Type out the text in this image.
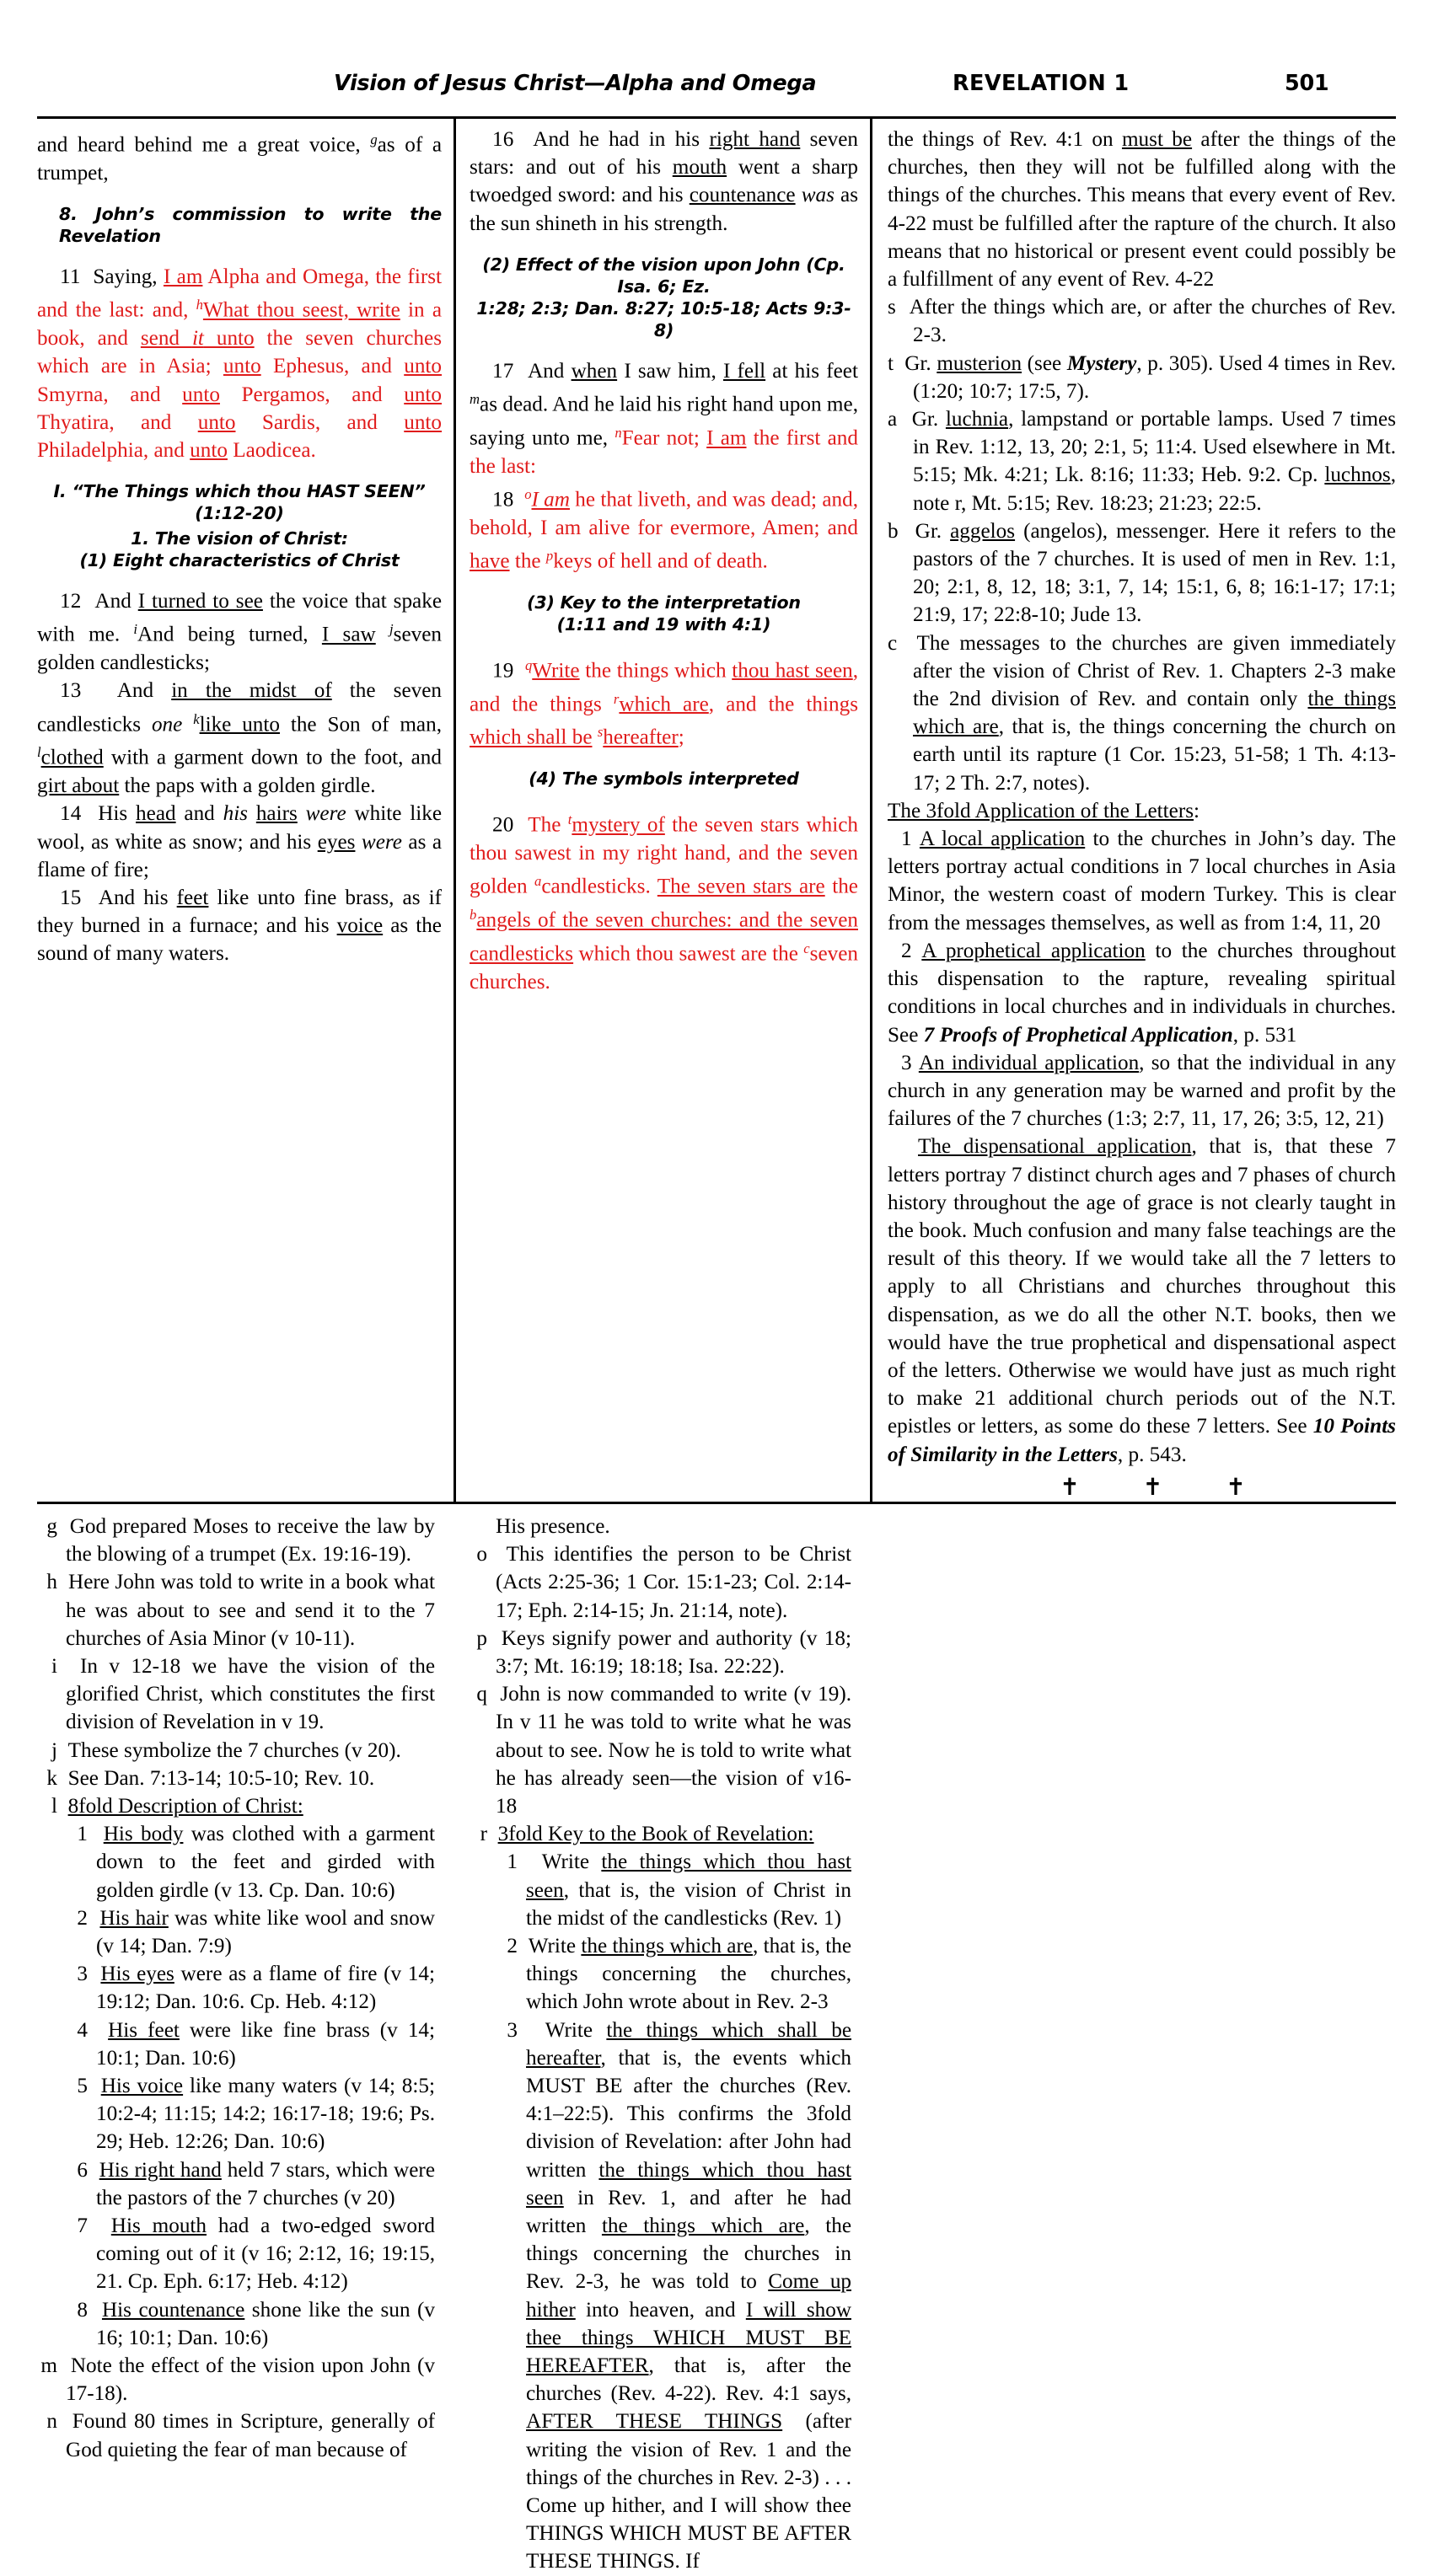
Vision of Jesus Christ—Alpha and Omega	REVELATION 1	501

and heard behind me a great voice, $^g$as of a trumpet,

8. John’s commission to write the Revelation

11 Saying, I am Alpha and Omega, the first and the last: and, $^h$What thou seest, write in a book, and send it unto the seven churches which are in Asia; unto Ephesus, and unto Smyrna, and unto Pergamos, and unto Thyatira, and unto Sardis, and unto Philadelphia, and unto Laodicea.

I. “The Things which thou HAST SEEN” (1:12-20)
1. The vision of Christ:
(1) Eight characteristics of Christ

12 And I turned to see the voice that spake with me. $^i$And being turned, I saw $^j$seven golden candlesticks;

13 And in the midst of the seven candlesticks one $^k$like unto the Son of man, $^l$clothed with a garment down to the foot, and girt about the paps with a golden girdle.

14 His head and his hairs were white like wool, as white as snow; and his eyes were as a flame of fire;

15 And his feet like unto fine brass, as if they burned in a furnace; and his voice as the sound of many waters.

16 And he had in his right hand seven stars: and out of his mouth went a sharp twoedged sword: and his countenance was as the sun shineth in his strength.

(2) Effect of the vision upon John (Cp. Isa. 6; Ez.
1:28; 2:3; Dan. 8:27; 10:5-18; Acts 9:3-8)

17 And when I saw him, I fell at his feet $^m$as dead. And he laid his right hand upon me, saying unto me, $^n$Fear not; I am the first and the last:

18 $^o$I am he that liveth, and was dead; and, behold, I am alive for evermore, Amen; and have the $^p$keys of hell and of death.

(3) Key to the interpretation
(1:11 and 19 with 4:1)

19 $^q$Write the things which thou hast seen, and the things $^r$which are, and the things which shall be $^s$hereafter;

(4) The symbols interpreted

20 The $^t$mystery of the seven stars which thou sawest in my right hand, and the seven golden $^a$candlesticks. The seven stars are the $^b$angels of the seven churches: and the seven candlesticks which thou sawest are the $^c$seven churches.

the things of Rev. 4:1 on must be after the things of the churches, then they will not be fulfilled along with the things of the churches. This means that every event of Rev. 4-22 must be fulfilled after the rapture of the church. It also means that no historical or present event could possibly be a fulfillment of any event of Rev. 4-22

s After the things which are, or after the churches of Rev. 2-3.

t Gr. musterion (see Mystery, p. 305). Used 4 times in Rev. (1:20; 10:7; 17:5, 7).

a Gr. luchnia, lampstand or portable lamps. Used 7 times in Rev. 1:12, 13, 20; 2:1, 5; 11:4. Used elsewhere in Mt. 5:15; Mk. 4:21; Lk. 8:16; 11:33; Heb. 9:2. Cp. luchnos, note r, Mt. 5:15; Rev. 18:23; 21:23; 22:5.

b Gr. aggelos (angelos), messenger. Here it refers to the pastors of the 7 churches. It is used of men in Rev. 1:1, 20; 2:1, 8, 12, 18; 3:1, 7, 14; 15:1, 6, 8; 16:1-17; 17:1; 21:9, 17; 22:8-10; Jude 13.

c The messages to the churches are given immediately after the vision of Christ of Rev. 1. Chapters 2-3 make the 2nd division of Rev. and contain only the things which are, that is, the things concerning the church on earth until its rapture (1 Cor. 15:23, 51-58; 1 Th. 4:13-17; 2 Th. 2:7, notes).

The 3fold Application of the Letters:

1 A local application to the churches in John’s day. The letters portray actual conditions in 7 local churches in Asia Minor, the western coast of modern Turkey. This is clear from the messages themselves, as well as from 1:4, 11, 20

2 A prophetical application to the churches throughout this dispensation to the rapture, revealing spiritual conditions in local churches and in individuals in churches. See 7 Proofs of Prophetical Application, p. 531

3 An individual application, so that the individual in any church in any generation may be warned and profit by the failures of the 7 churches (1:3; 2:7, 11, 17, 26; 3:5, 12, 21)

The dispensational application, that is, that these 7 letters portray 7 distinct church ages and 7 phases of church history throughout the age of grace is not clearly taught in the book. Much confusion and many false teachings are the result of this theory. If we would take all the 7 letters to apply to all Christians and churches throughout this dispensation, as we do all the other N.T. books, then we would have the true prophetical and dispensational aspect of the letters. Otherwise we would have just as much right to make 21 additional church periods out of the N.T. epistles or letters, as some do these 7 letters. See 10 Points of Similarity in the Letters, p. 543.

✝ ✝ ✝

g God prepared Moses to receive the law by the blowing of a trumpet (Ex. 19:16-19).

h Here John was told to write in a book what he was about to see and send it to the 7 churches of Asia Minor (v 10-11).

i In v 12-18 we have the vision of the glorified Christ, which constitutes the first division of Revelation in v 19.

j These symbolize the 7 churches (v 20).

k See Dan. 7:13-14; 10:5-10; Rev. 10.

l 8fold Description of Christ:

1 His body was clothed with a garment down to the feet and girded with golden girdle (v 13. Cp. Dan. 10:6)

2 His hair was white like wool and snow (v 14; Dan. 7:9)

3 His eyes were as a flame of fire (v 14; 19:12; Dan. 10:6. Cp. Heb. 4:12)

4 His feet were like fine brass (v 14; 10:1; Dan. 10:6)

5 His voice like many waters (v 14; 8:5; 10:2-4; 11:15; 14:2; 16:17-18; 19:6; Ps. 29; Heb. 12:26; Dan. 10:6)

6 His right hand held 7 stars, which were the pastors of the 7 churches (v 20)

7 His mouth had a two-edged sword coming out of it (v 16; 2:12, 16; 19:15, 21. Cp. Eph. 6:17; Heb. 4:12)

8 His countenance shone like the sun (v 16; 10:1; Dan. 10:6)

m Note the effect of the vision upon John (v 17-18).

n Found 80 times in Scripture, generally of God quieting the fear of man because of

His presence.

o This identifies the person to be Christ (Acts 2:25-36; 1 Cor. 15:1-23; Col. 2:14-17; Eph. 2:14-15; Jn. 21:14, note).

p Keys signify power and authority (v 18; 3:7; Mt. 16:19; 18:18; Isa. 22:22).

q John is now commanded to write (v 19). In v 11 he was told to write what he was about to see. Now he is told to write what he has already seen—the vision of v16-18

r 3fold Key to the Book of Revelation:

1 Write the things which thou hast seen, that is, the vision of Christ in the midst of the candlesticks (Rev. 1)

2 Write the things which are, that is, the things concerning the churches, which John wrote about in Rev. 2-3

3 Write the things which shall be hereafter, that is, the events which MUST BE after the churches (Rev. 4:1–22:5). This confirms the 3fold division of Revelation: after John had written the things which thou hast seen in Rev. 1, and after he had written the things which are, the things concerning the churches in Rev. 2-3, he was told to Come up hither into heaven, and I will show thee things WHICH MUST BE HEREAFTER, that is, after the churches (Rev. 4-22). Rev. 4:1 says, AFTER THESE THINGS (after writing the vision of Rev. 1 and the things of the churches in Rev. 2-3) . . . Come up hither, and I will show thee THINGS WHICH MUST BE AFTER THESE THINGS. If
